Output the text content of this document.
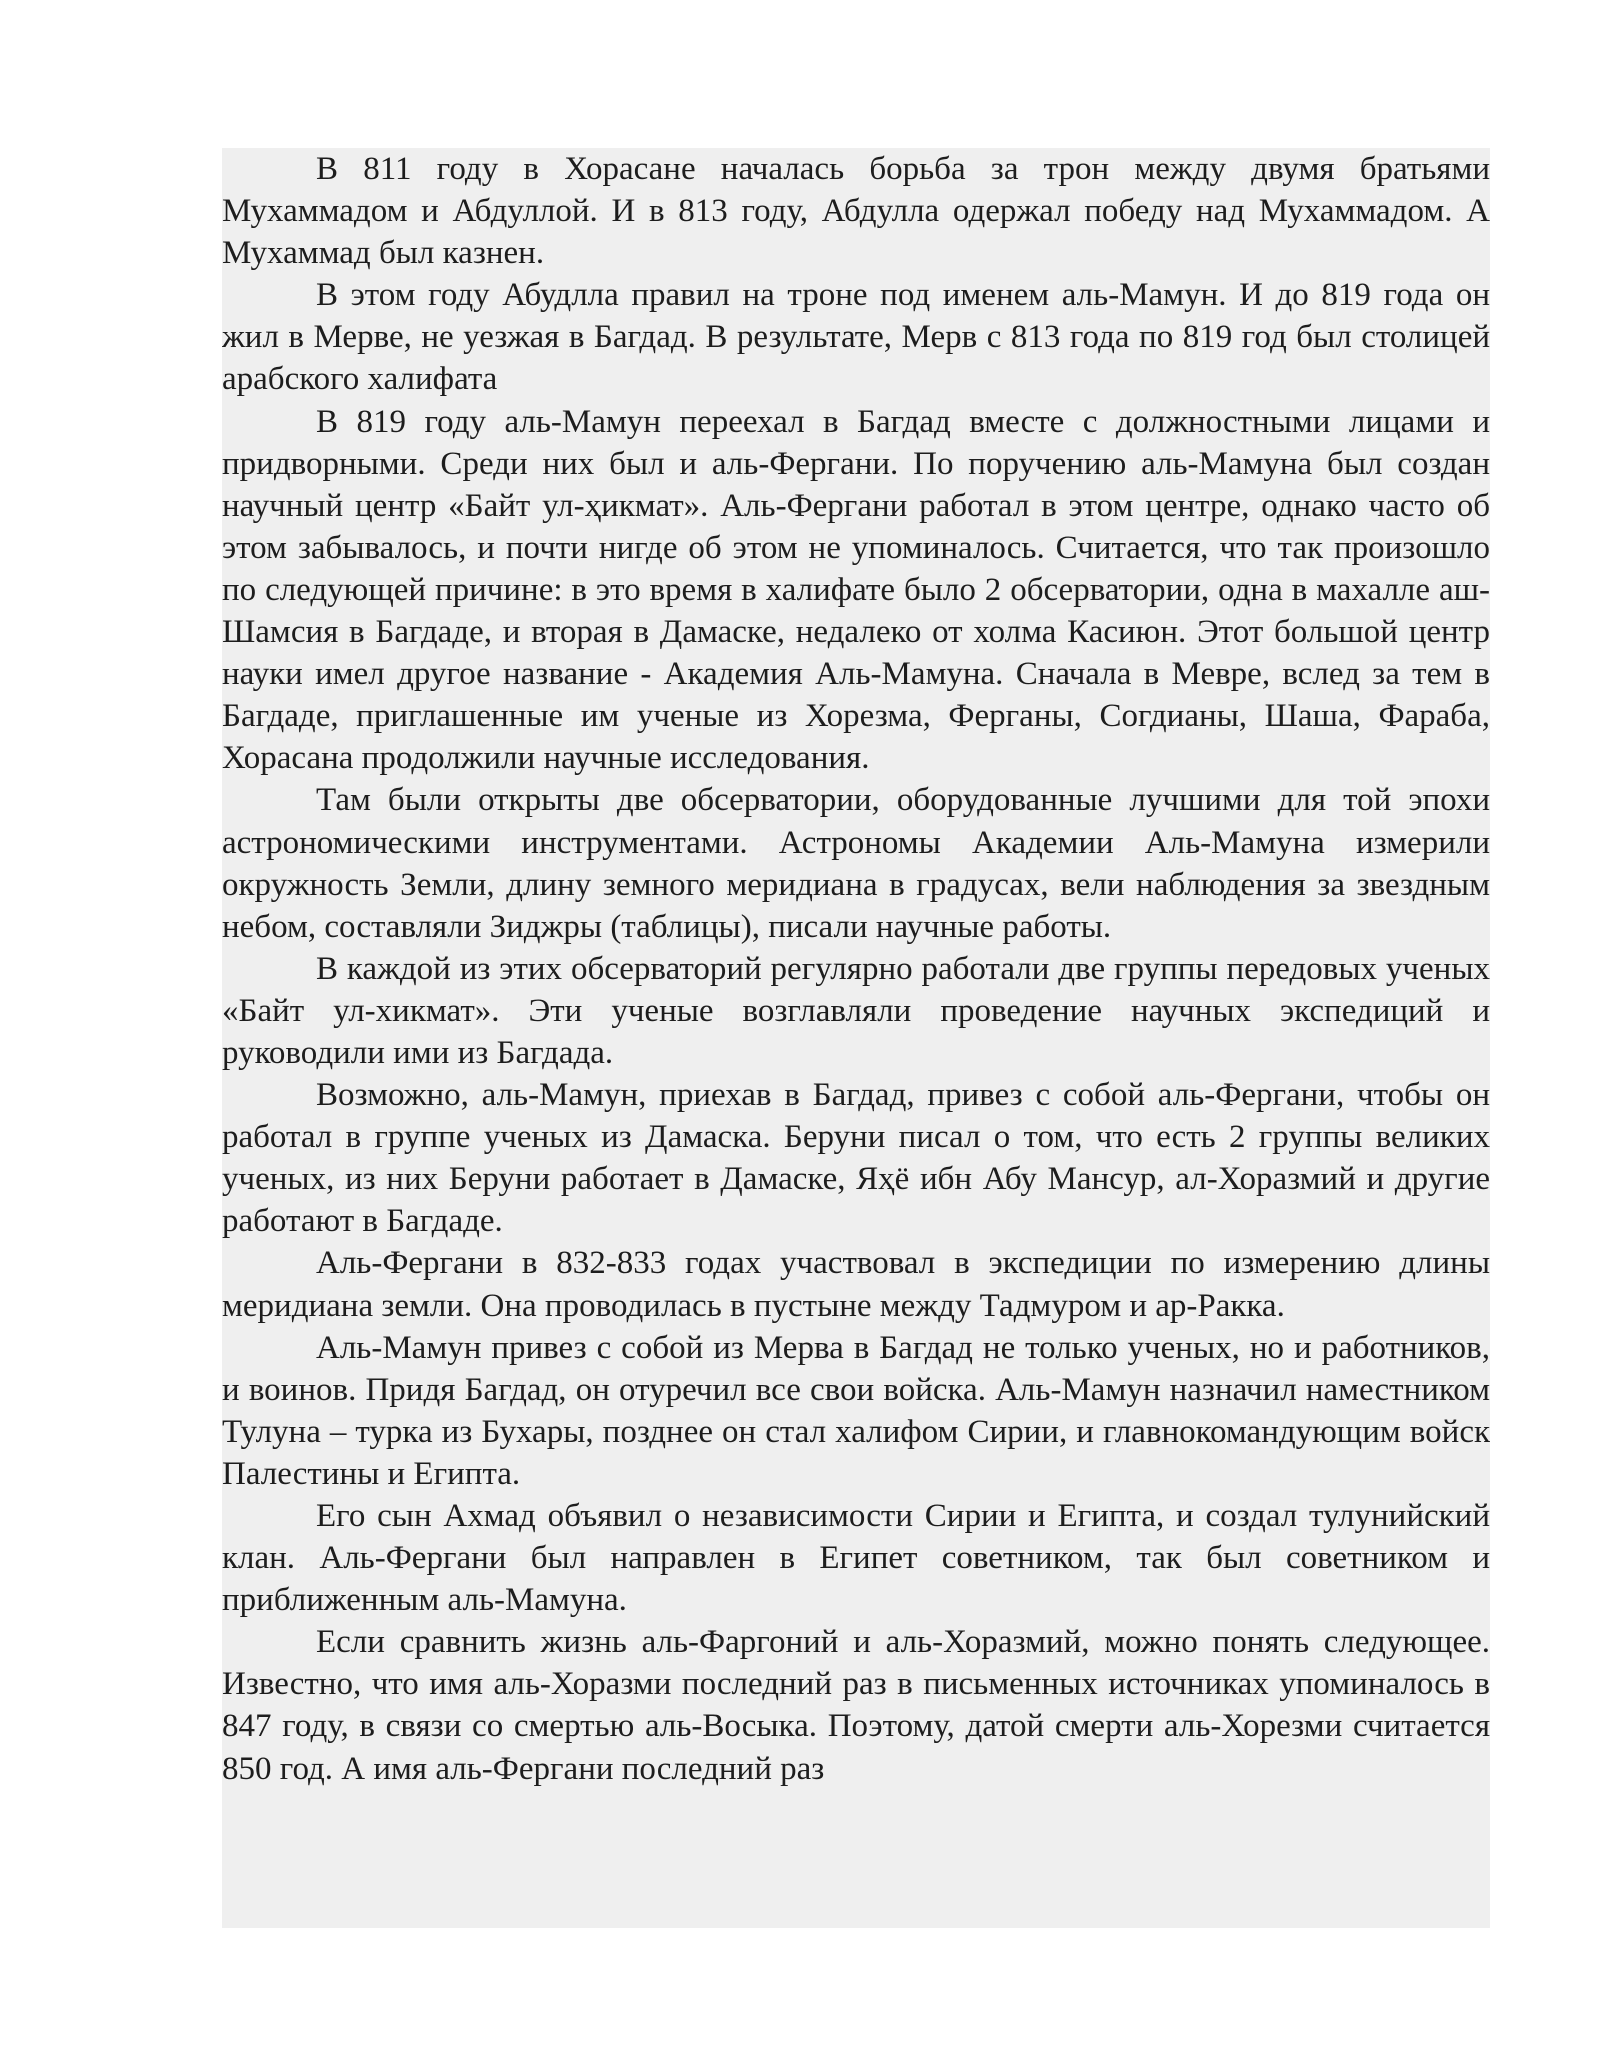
В 811 году в Хорасане началась борьба за трон между двумя братьями Мухаммадом и Абдуллой. И в 813 году, Абдулла одержал победу над Мухаммадом. А Мухаммад был казнен.

В этом году Абудлла правил на троне под именем аль-Мамун. И до 819 года он жил в Мерве, не уезжая в Багдад. В результате, Мерв с 813 года по 819 год был столицей арабского халифата

В 819 году аль-Мамун переехал в Багдад вместе с должностными лицами и придворными. Среди них был и аль-Фергани. По поручению аль-Мамуна был создан научный центр «Байт ул-ҳикмат». Аль-Фергани работал в этом центре, однако часто об этом забывалось, и почти нигде об этом не упоминалось. Считается, что так произошло по следующей причине: в это время в халифате было 2 обсерватории, одна в махалле аш-Шамсия в Багдаде, и вторая в Дамаске, недалеко от холма Касиюн. Этот большой центр науки имел другое название - Академия Аль-Мамуна. Сначала в Мевре, вслед за тем в Багдаде, приглашенные им ученые из Хорезма, Ферганы, Согдианы, Шаша, Фараба, Хорасана продолжили научные исследования.

Там были открыты две обсерватории, оборудованные лучшими для той эпохи астрономическими инструментами. Астрономы Академии Аль-Мамуна измерили окружность Земли, длину земного меридиана в градусах, вели наблюдения за звездным небом, составляли Зиджры (таблицы), писали научные работы.

В каждой из этих обсерваторий регулярно работали две группы передовых ученых «Байт ул-хикмат». Эти ученые возглавляли проведение научных экспедиций и руководили ими из Багдада.

Возможно, аль-Мамун, приехав в Багдад, привез с собой аль-Фергани, чтобы он работал в группе ученых из Дамаска. Беруни писал о том, что есть 2 группы великих ученых, из них Беруни работает в Дамаске, Яҳё ибн Абу Мансур, ал-Хоразмий и другие работают в Багдаде.

Аль-Фергани в 832-833 годах участвовал в экспедиции по измерению длины меридиана земли. Она проводилась в пустыне между Тадмуром и ар-Ракка.

Аль-Мамун привез с собой из Мерва в Багдад не только ученых, но и работников, и воинов. Придя Багдад, он отуречил все свои войска. Аль-Мамун назначил наместником Тулуна – турка из Бухары, позднее он стал халифом Сирии, и главнокомандующим войск Палестины и Египта.

Его сын Ахмад объявил о независимости Сирии и Египта, и создал тулунийский клан. Аль-Фергани был направлен в Египет советником, так был советником и приближенным аль-Мамуна.

Если сравнить жизнь аль-Фаргоний и аль-Хоразмий, можно понять следующее. Известно, что имя аль-Хоразми последний раз в письменных источниках упоминалось в 847 году, в связи со смертью аль-Восыка. Поэтому, датой смерти аль-Хорезми считается 850 год. А имя аль-Фергани последний раз
